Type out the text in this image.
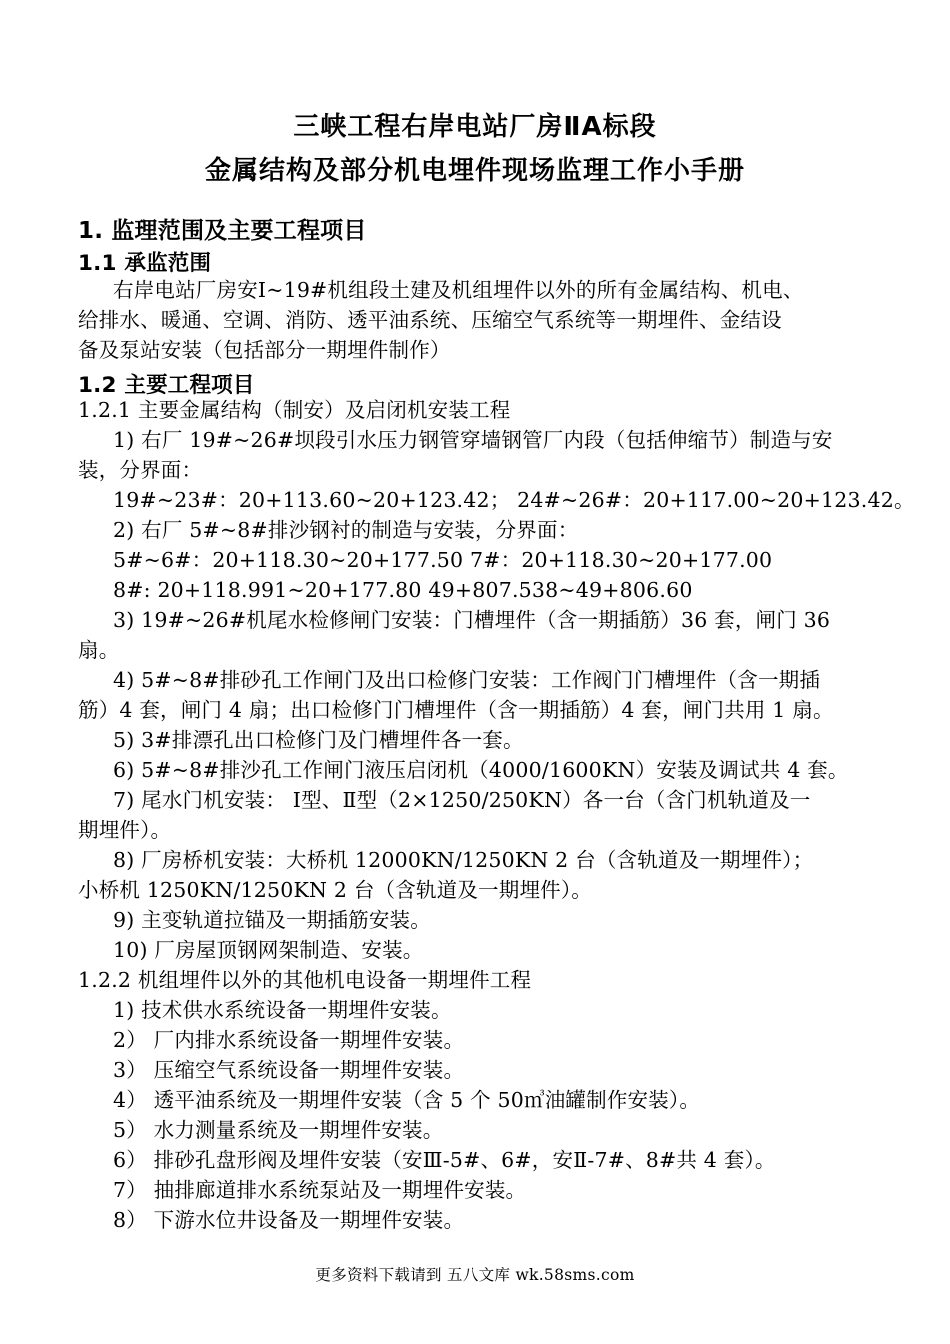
三峡工程右岸电站厂房ⅡA标段
金属结构及部分机电埋件现场监理工作小手册
1. 监理范围及主要工程项目
1.1 承监范围
右岸电站厂房安Ⅰ~19#机组段土建及机组埋件以外的所有金属结构、机电、
给排水、暖通、空调、消防、透平油系统、压缩空气系统等一期埋件、金结设
备及泵站安装（包括部分一期埋件制作）
1.2 主要工程项目
1.2.1 主要金属结构（制安）及启闭机安装工程
1) 右厂 19#~26#坝段引水压力钢管穿墙钢管厂内段（包括伸缩节）制造与安
装，分界面：
19#~23#：20+113.60~20+123.42； 24#~26#：20+117.00~20+123.42。
2) 右厂 5#~8#排沙钢衬的制造与安装，分界面：
5#~6#：20+118.30~20+177.50 7#：20+118.30~20+177.00
8#: 20+118.991~20+177.80 49+807.538~49+806.60
3) 19#~26#机尾水检修闸门安装：门槽埋件（含一期插筋）36 套，闸门 36
扇。
4) 5#~8#排砂孔工作闸门及出口检修门安装：工作阀门门槽埋件（含一期插
筋）4 套，闸门 4 扇；出口检修门门槽埋件（含一期插筋）4 套，闸门共用 1 扇。
5) 3#排漂孔出口检修门及门槽埋件各一套。
6) 5#~8#排沙孔工作闸门液压启闭机（4000/1600KN）安装及调试共 4 套。
7) 尾水门机安装： Ⅰ型、Ⅱ型（2×1250/250KN）各一台（含门机轨道及一
期埋件）。
8) 厂房桥机安装：大桥机 12000KN/1250KN 2 台（含轨道及一期埋件）；
小桥机 1250KN/1250KN 2 台（含轨道及一期埋件）。
9) 主变轨道拉锚及一期插筋安装。
10) 厂房屋顶钢网架制造、安装。
1.2.2 机组埋件以外的其他机电设备一期埋件工程
1) 技术供水系统设备一期埋件安装。
2） 厂内排水系统设备一期埋件安装。
3） 压缩空气系统设备一期埋件安装。
4） 透平油系统及一期埋件安装（含 5 个 50㎥油罐制作安装）。
5） 水力测量系统及一期埋件安装。
6） 排砂孔盘形阀及埋件安装（安Ⅲ-5#、6#，安Ⅱ-7#、8#共 4 套）。
7） 抽排廊道排水系统泵站及一期埋件安装。
8） 下游水位井设备及一期埋件安装。
更多资料下载请到 五八文库 wk.58sms.com
